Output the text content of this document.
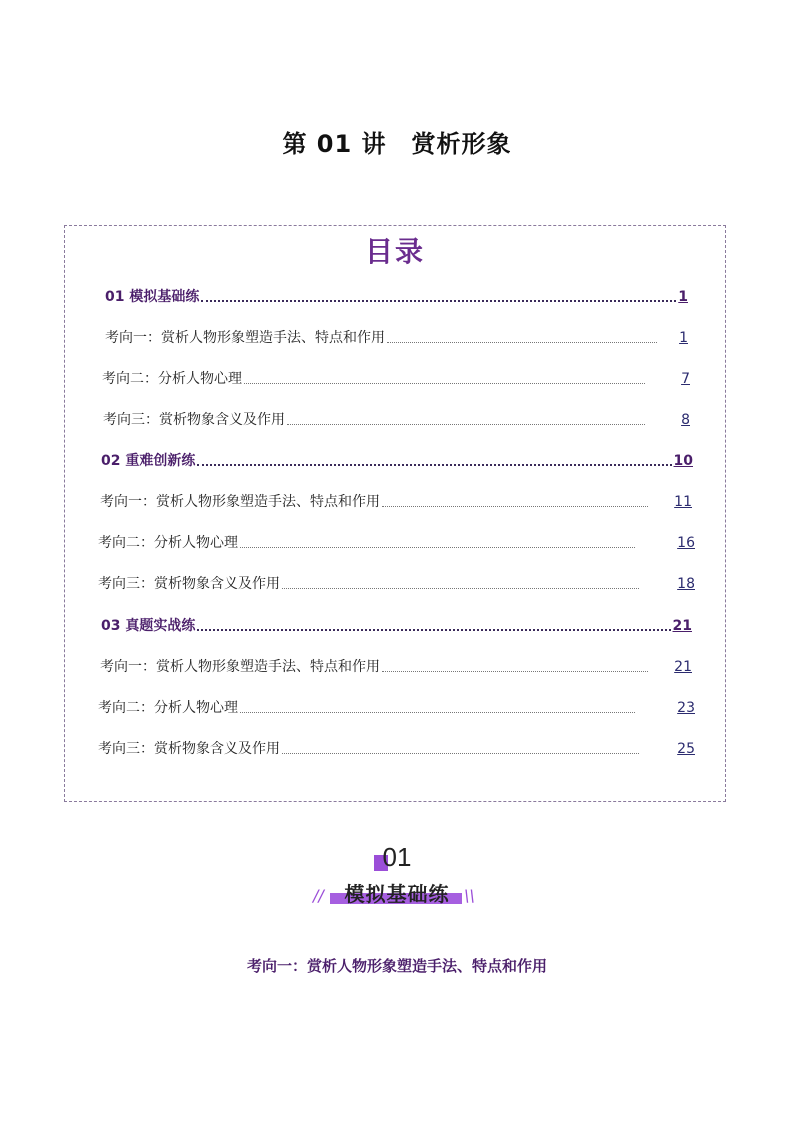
第 01 讲　赏析形象
目录
01 模拟基础练	1
考向一：赏析人物形象塑造手法、特点和作用	1
考向二：分析人物心理	7
考向三：赏析物象含义及作用	8
02 重难创新练	10
考向一：赏析人物形象塑造手法、特点和作用	11
考向二：分析人物心理	16
考向三：赏析物象含义及作用	18
03 真题实战练	21
考向一：赏析人物形象塑造手法、特点和作用	21
考向二：分析人物心理	23
考向三：赏析物象含义及作用	25
01
//	模拟基础练 \\
考向一：赏析人物形象塑造手法、特点和作用
